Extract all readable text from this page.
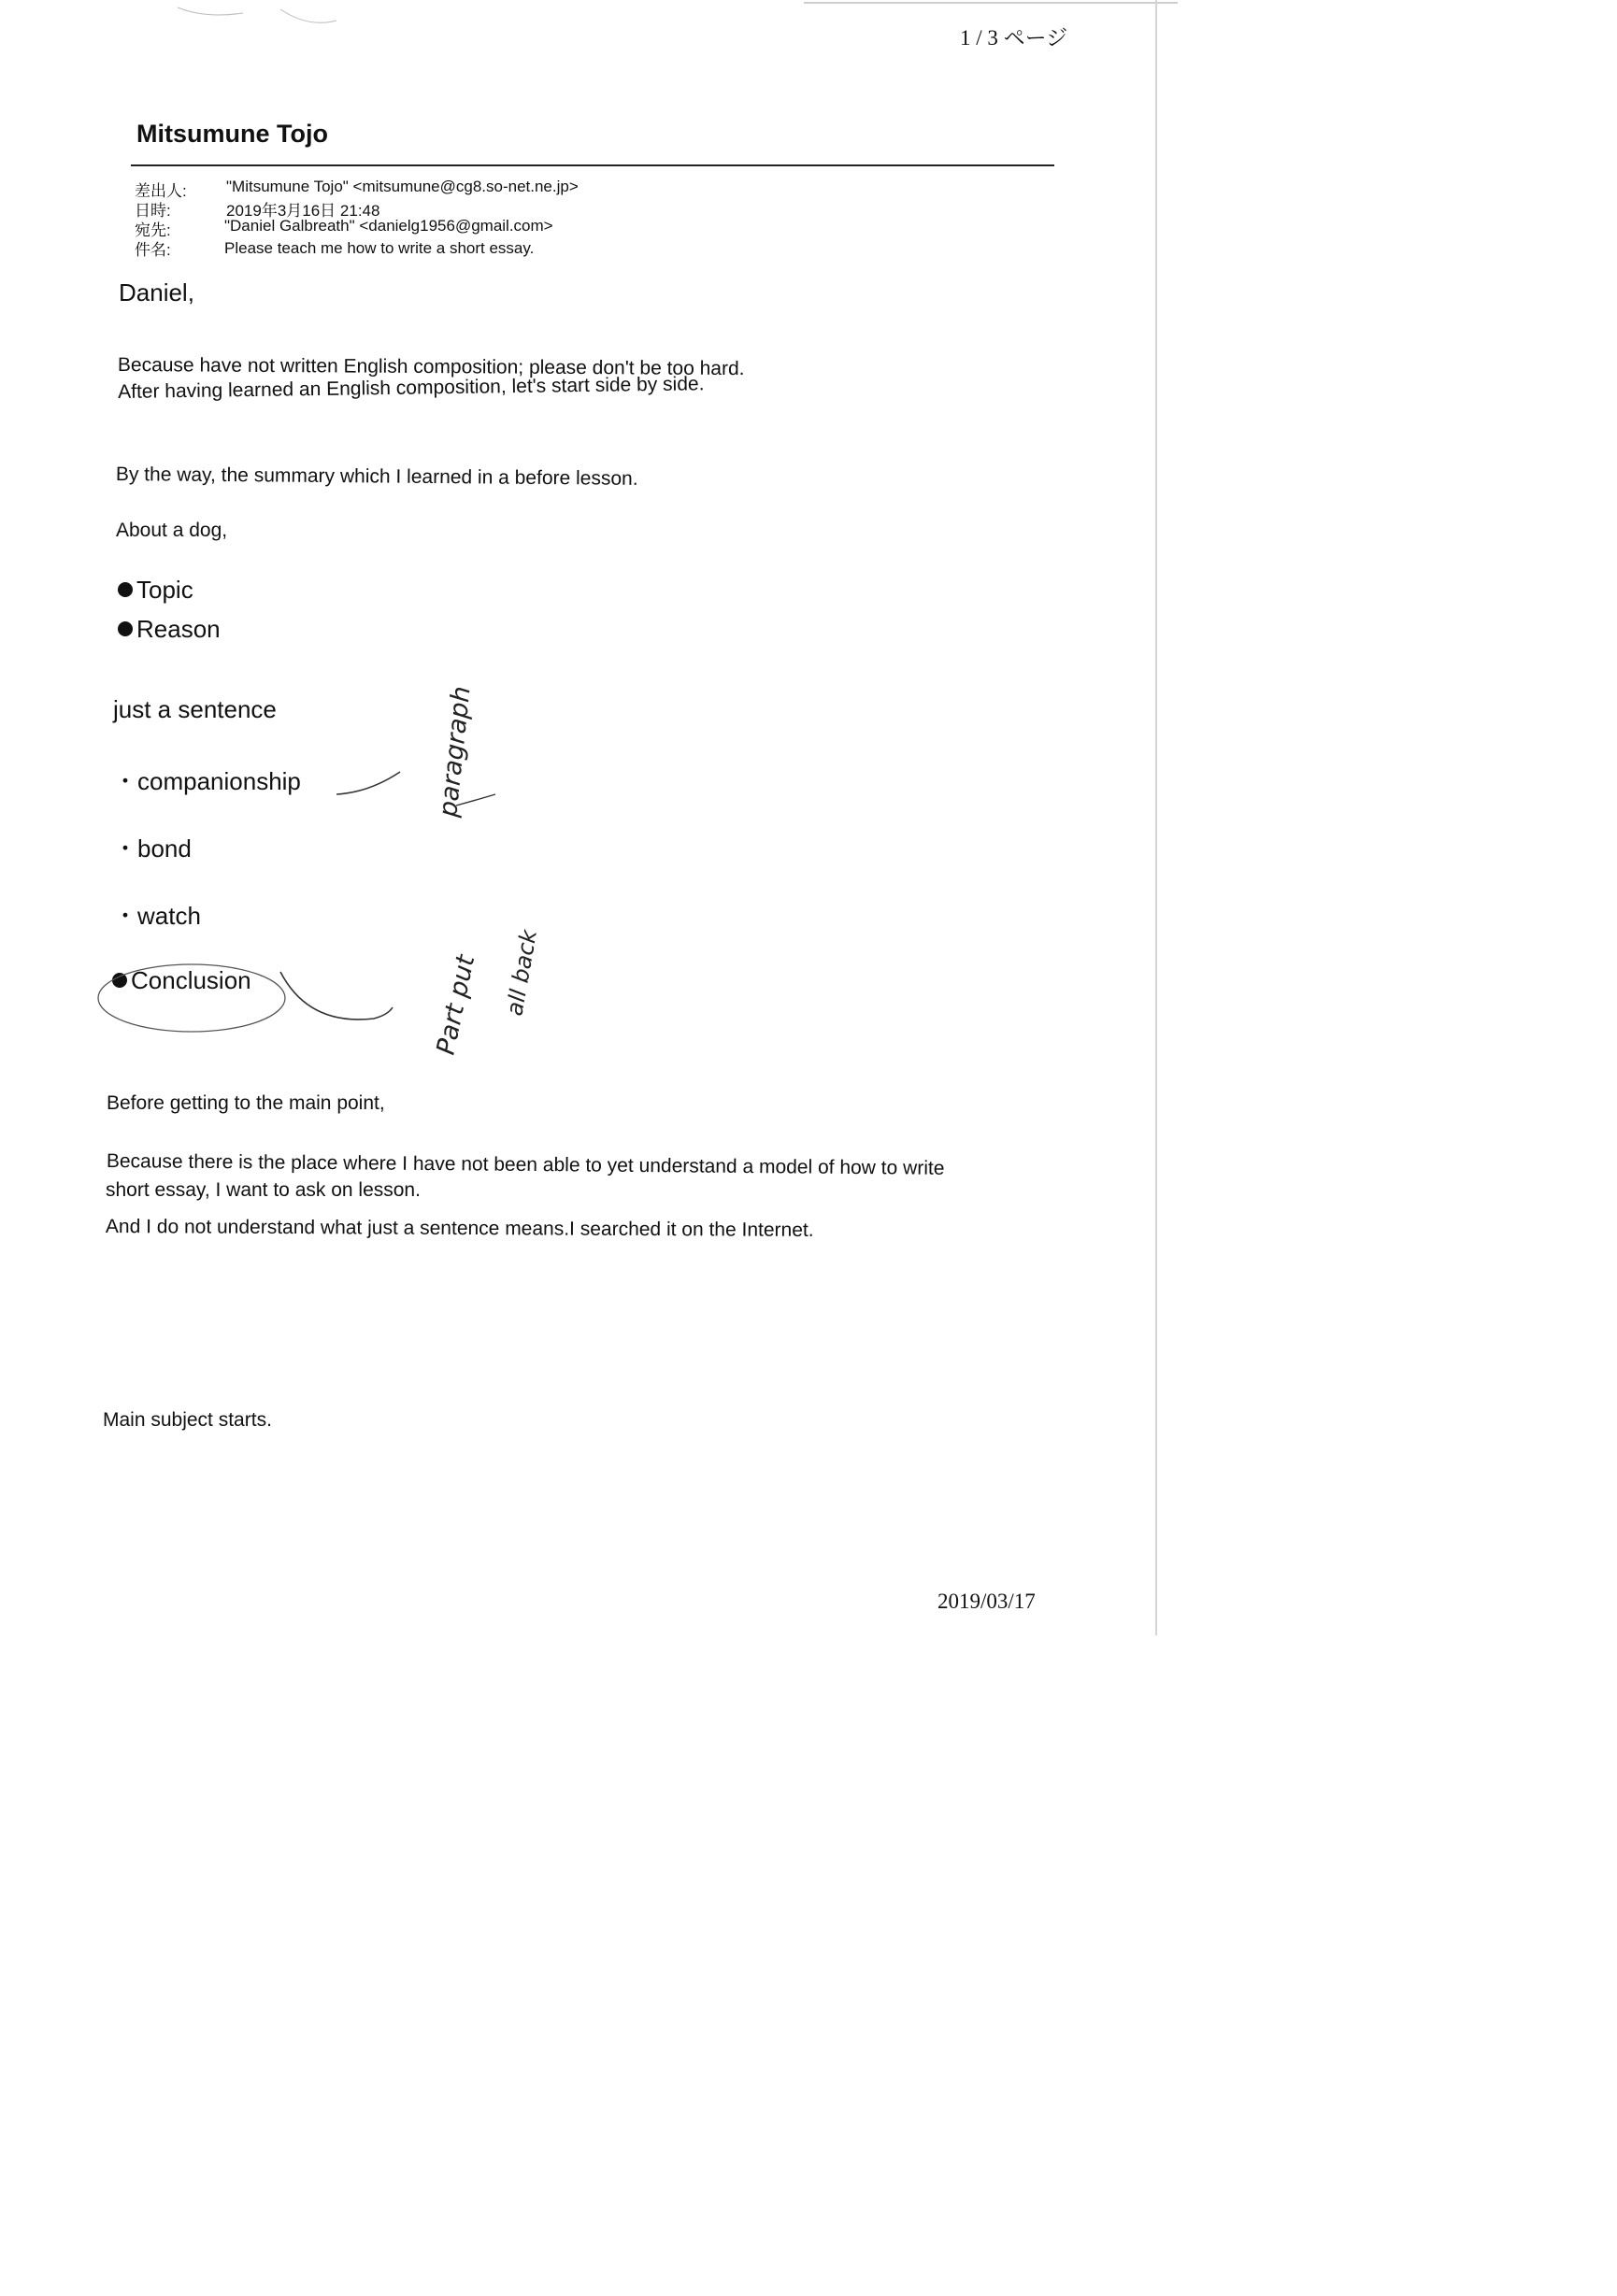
1 / 3 ページ
Mitsumune Tojo
差出人: "Mitsumune Tojo" <mitsumune@cg8.so-net.ne.jp>
日時:	2019年3月16日 21:48
宛先:	"Daniel Galbreath" <danielg1956@gmail.com>
件名:	Please teach me how to write a short essay.
Daniel,
Because have not written English composition; please don't be too hard.
After having learned an English composition, let's start side by side.
By the way, the summary which I learned in a before lesson.
About a dog,
Topic
Reason
just a sentence
・companionship
・bond
・watch
Conclusion
Before getting to the main point,
Because there is the place where I have not been able to yet understand a model of how to write
short essay, I want to ask on lesson.
And I do not understand what just a sentence means.I searched it on the Internet.
Main subject starts.
2019/03/17
paragraph
Part put all back
